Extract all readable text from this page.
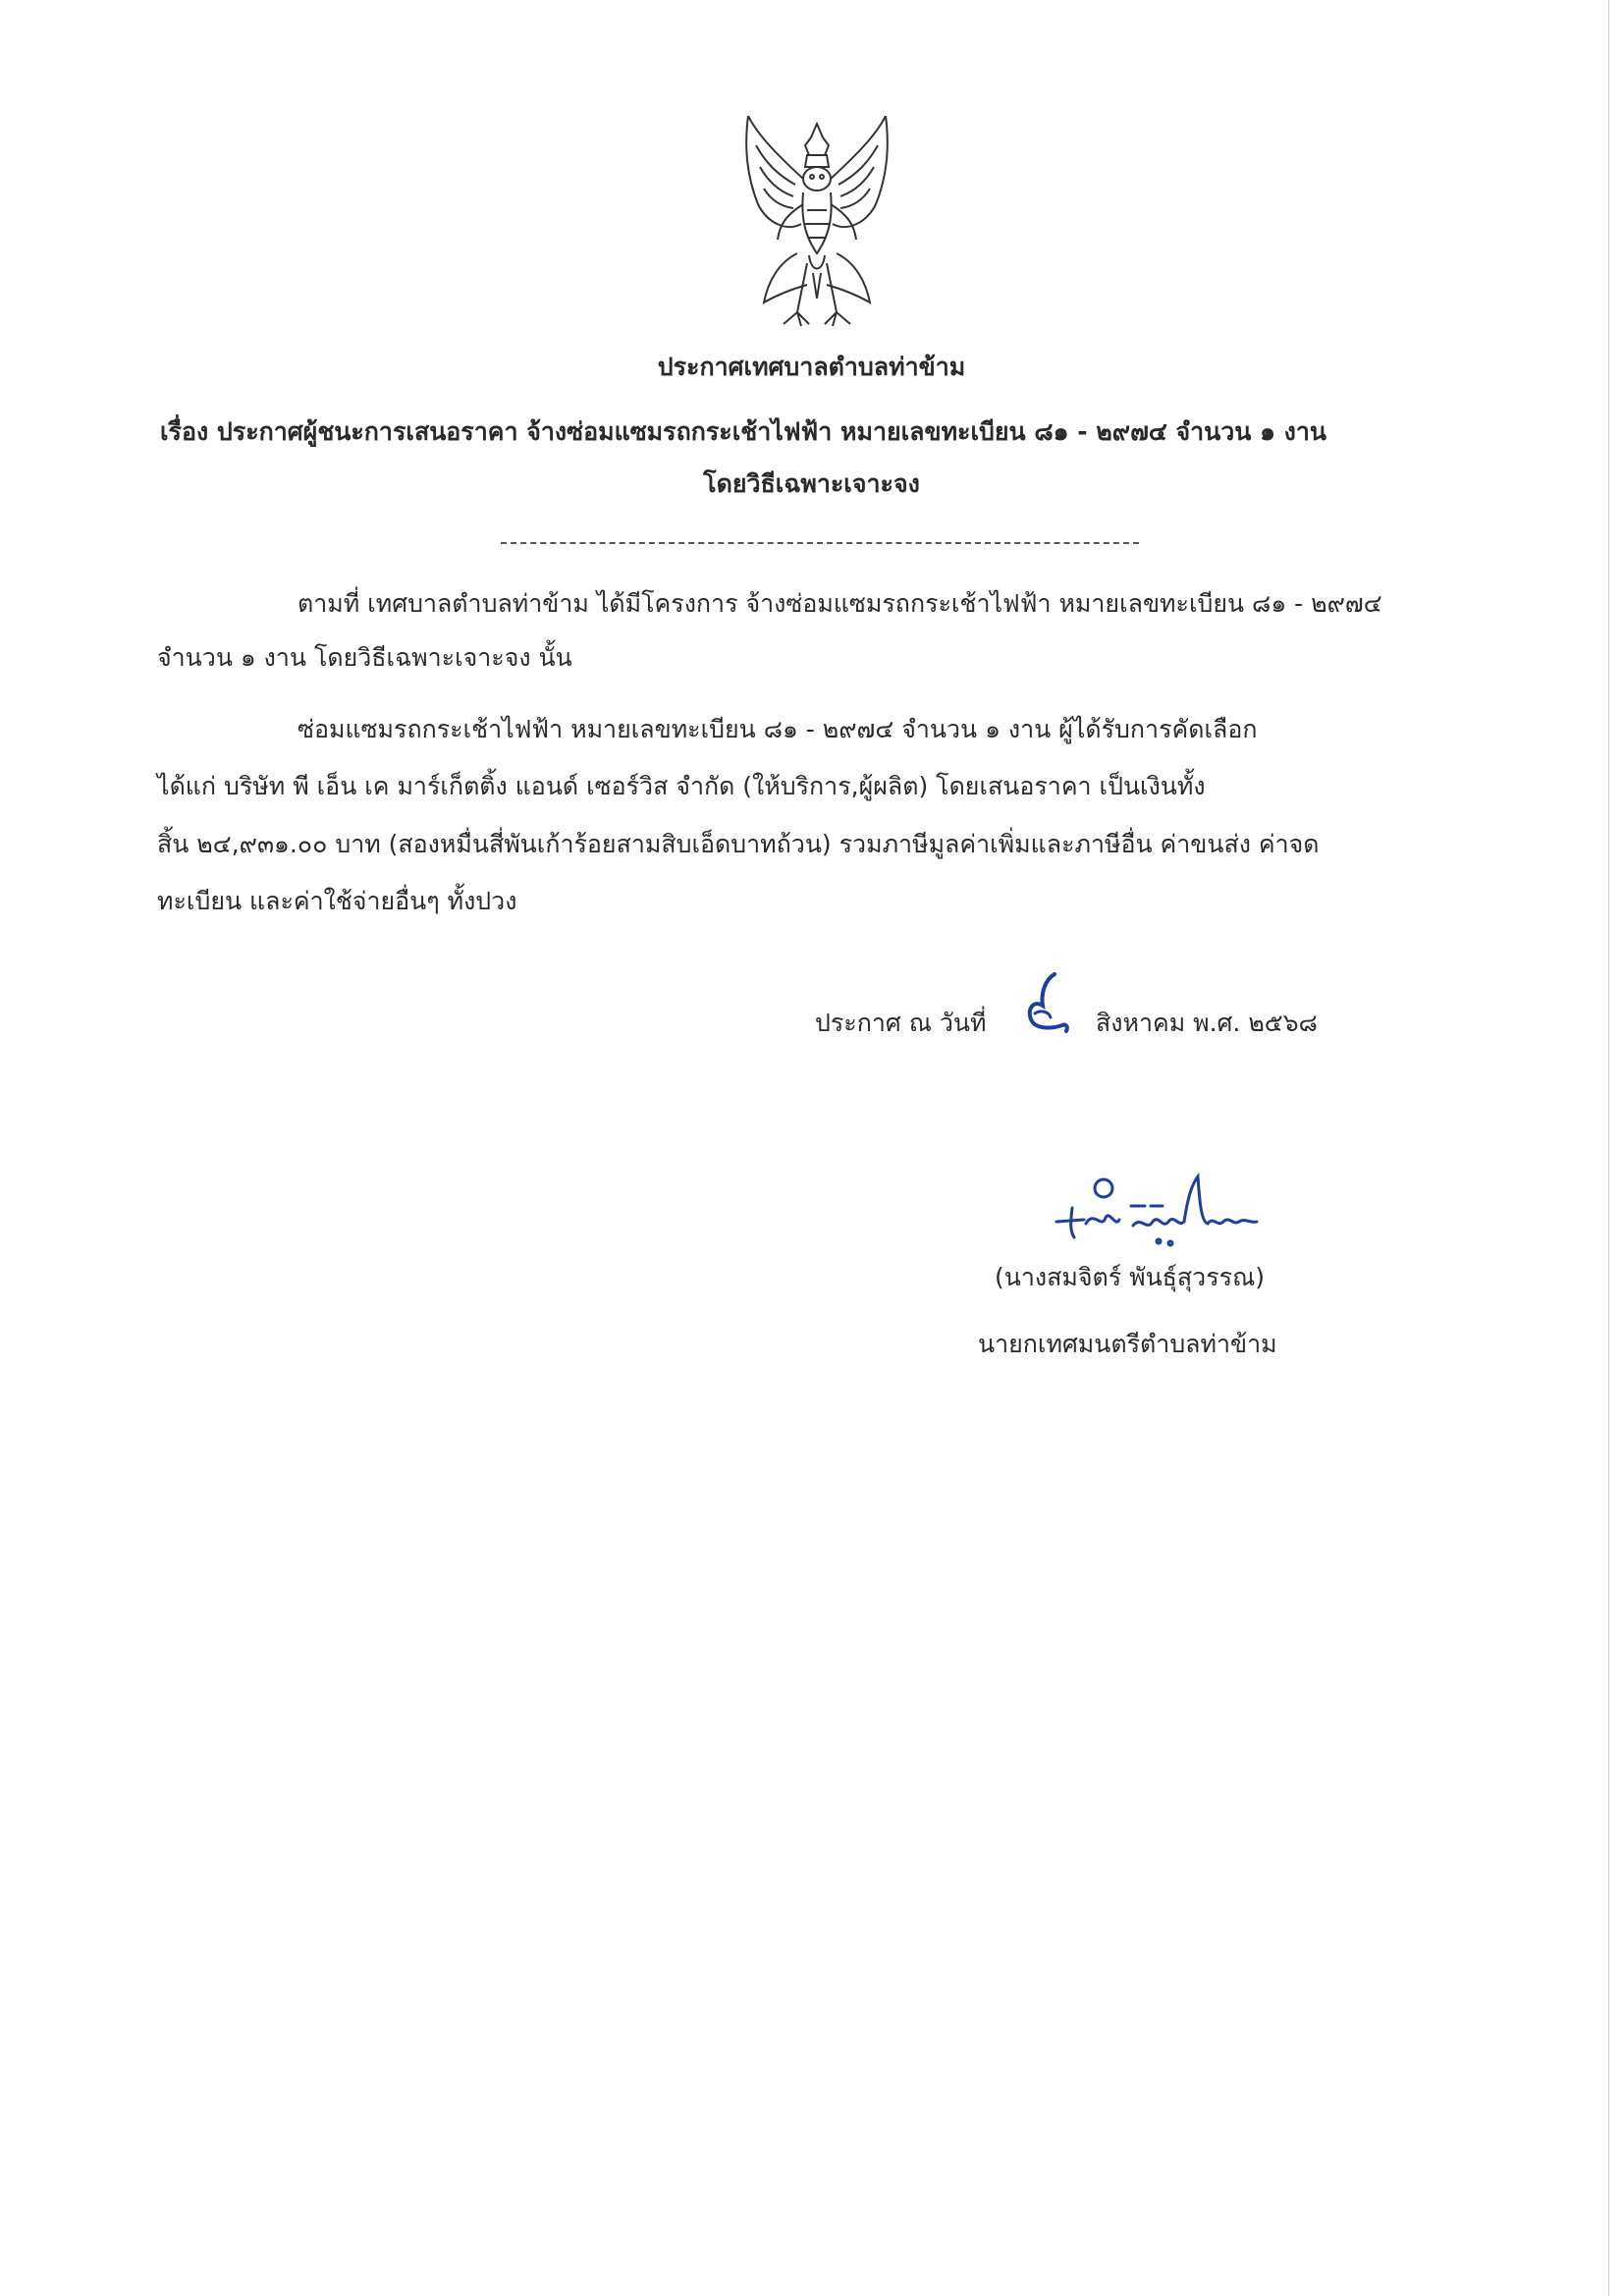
ประกาศเทศบาลตำบลท่าข้าม
เรื่อง ประกาศผู้ชนะการเสนอราคา จ้างซ่อมแซมรถกระเช้าไฟฟ้า หมายเลขทะเบียน ๘๑ - ๒๙๗๔ จำนวน ๑ งาน
โดยวิธีเฉพาะเจาะจง
ตามที่ เทศบาลตำบลท่าข้าม ได้มีโครงการ จ้างซ่อมแซมรถกระเช้าไฟฟ้า หมายเลขทะเบียน ๘๑ - ๒๙๗๔
จำนวน ๑ งาน โดยวิธีเฉพาะเจาะจง นั้น
ซ่อมแซมรถกระเช้าไฟฟ้า หมายเลขทะเบียน ๘๑ - ๒๙๗๔ จำนวน ๑ งาน ผู้ได้รับการคัดเลือก
ได้แก่ บริษัท พี เอ็น เค มาร์เก็ตติ้ง แอนด์ เซอร์วิส จำกัด (ให้บริการ,ผู้ผลิต) โดยเสนอราคา เป็นเงินทั้ง
สิ้น ๒๔,๙๓๑.๐๐ บาท (สองหมื่นสี่พันเก้าร้อยสามสิบเอ็ดบาทถ้วน) รวมภาษีมูลค่าเพิ่มและภาษีอื่น ค่าขนส่ง ค่าจด
ทะเบียน และค่าใช้จ่ายอื่นๆ ทั้งปวง
ประกาศ ณ วันที่	สิงหาคม พ.ศ. ๒๕๖๘
(นางสมจิตร์ พันธุ์สุวรรณ)
นายกเทศมนตรีตำบลท่าข้าม
